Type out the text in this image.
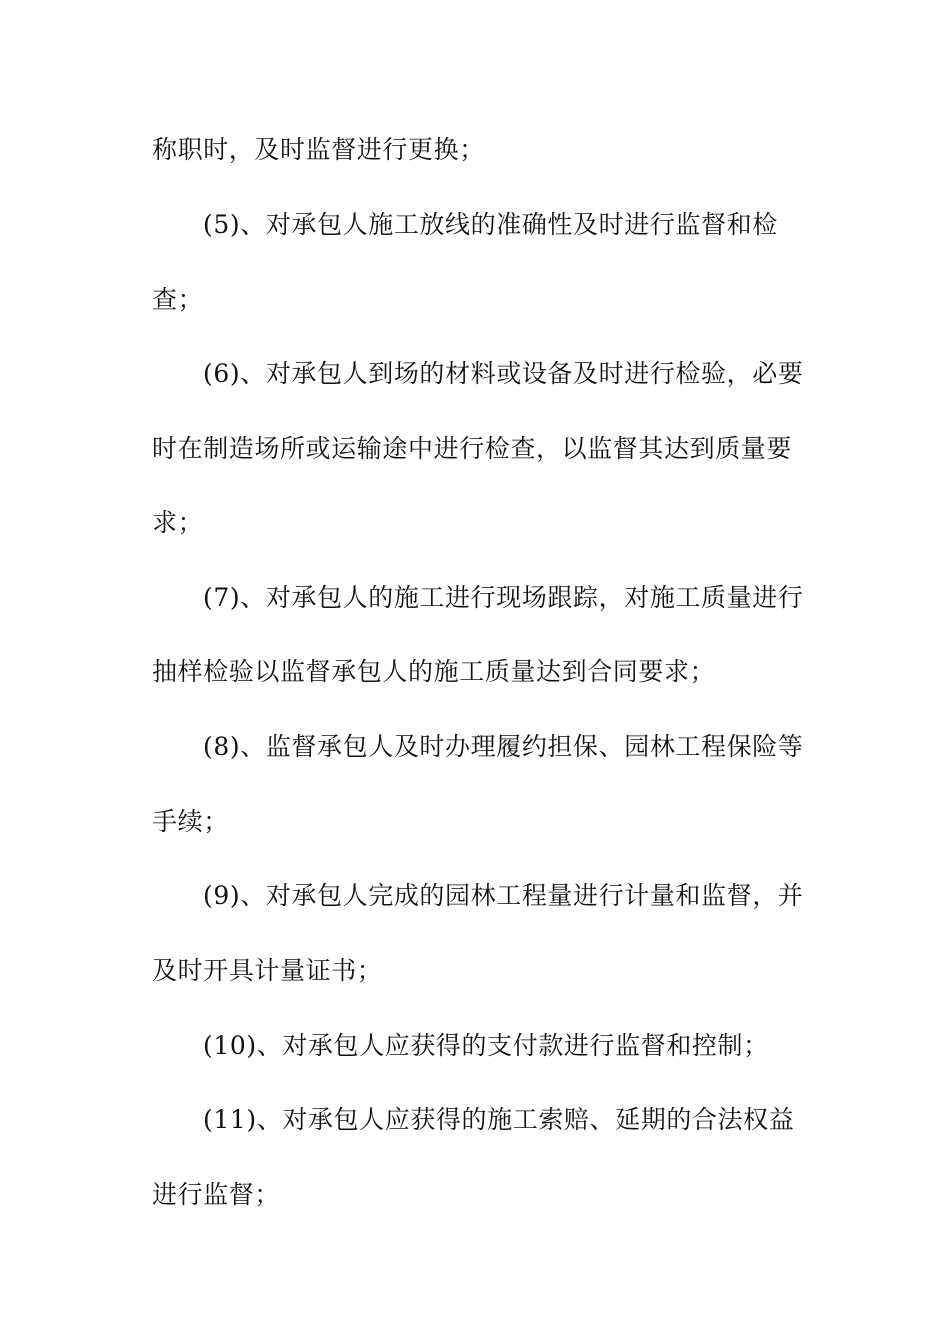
称职时，及时监督进行更换；
(5)、对承包人施工放线的准确性及时进行监督和检
查；
(6)、对承包人到场的材料或设备及时进行检验，必要
时在制造场所或运输途中进行检查，以监督其达到质量要
求；
(7)、对承包人的施工进行现场跟踪，对施工质量进行
抽样检验以监督承包人的施工质量达到合同要求；
(8)、监督承包人及时办理履约担保、园林工程保险等
手续；
(9)、对承包人完成的园林工程量进行计量和监督，并
及时开具计量证书；
(10)、对承包人应获得的支付款进行监督和控制；
(11)、对承包人应获得的施工索赔、延期的合法权益
进行监督；
